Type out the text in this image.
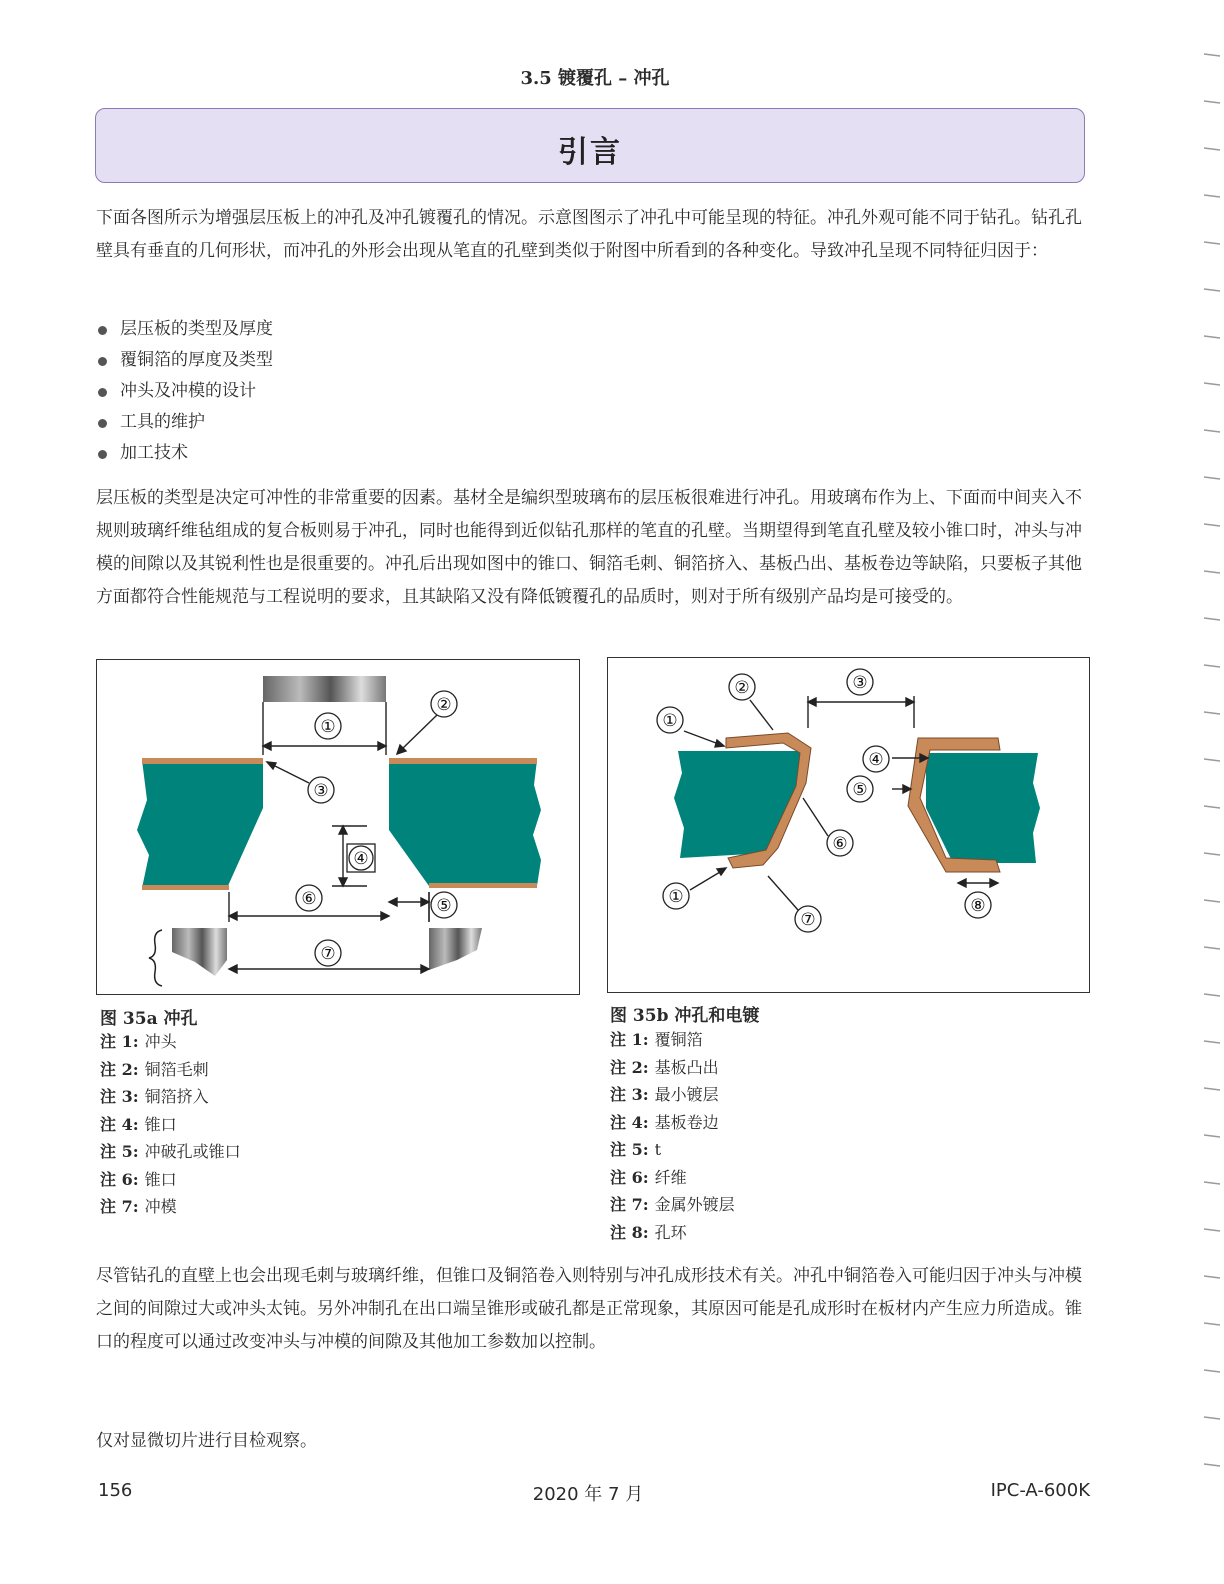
3.5 镀覆孔 – 冲孔
引言

下面各图所示为增强层压板上的冲孔及冲孔镀覆孔的情况。示意图图示了冲孔中可能呈现的特征。冲孔外观可能不同于钻孔。钻孔孔壁具有垂直的几何形状，而冲孔的外形会出现从笔直的孔壁到类似于附图中所看到的各种变化。导致冲孔呈现不同特征归因于：

层压板的类型及厚度
覆铜箔的厚度及类型
冲头及冲模的设计
工具的维护
加工技术

层压板的类型是决定可冲性的非常重要的因素。基材全是编织型玻璃布的层压板很难进行冲孔。用玻璃布作为上、下面而中间夹入不规则玻璃纤维毡组成的复合板则易于冲孔，同时也能得到近似钻孔那样的笔直的孔壁。当期望得到笔直孔壁及较小锥口时，冲头与冲模的间隙以及其锐利性也是很重要的。冲孔后出现如图中的锥口、铜箔毛刺、铜箔挤入、基板凸出、基板卷边等缺陷，只要板子其他方面都符合性能规范与工程说明的要求，且其缺陷又没有降低镀覆孔的品质时，则对于所有级别产品均是可接受的。

①
②
③
④
⑥	⑤
⑦
②	③
①
④
⑤
⑥
①
⑦
⑧
图 35a 冲孔
注 1: 冲头
注 2: 铜箔毛刺
注 3: 铜箔挤入
注 4: 锥口
注 5: 冲破孔或锥口
注 6: 锥口
注 7: 冲模
图 35b 冲孔和电镀
注 1: 覆铜箔
注 2: 基板凸出
注 3: 最小镀层
注 4: 基板卷边
注 5: t
注 6: 纤维
注 7: 金属外镀层
注 8: 孔环

尽管钻孔的直壁上也会出现毛刺与玻璃纤维，但锥口及铜箔卷入则特别与冲孔成形技术有关。冲孔中铜箔卷入可能归因于冲头与冲模之间的间隙过大或冲头太钝。另外冲制孔在出口端呈锥形或破孔都是正常现象，其原因可能是孔成形时在板材内产生应力所造成。锥口的程度可以通过改变冲头与冲模的间隙及其他加工参数加以控制。

仅对显微切片进行目检观察。

156	2020 年 7 月	IPC-A-600K
